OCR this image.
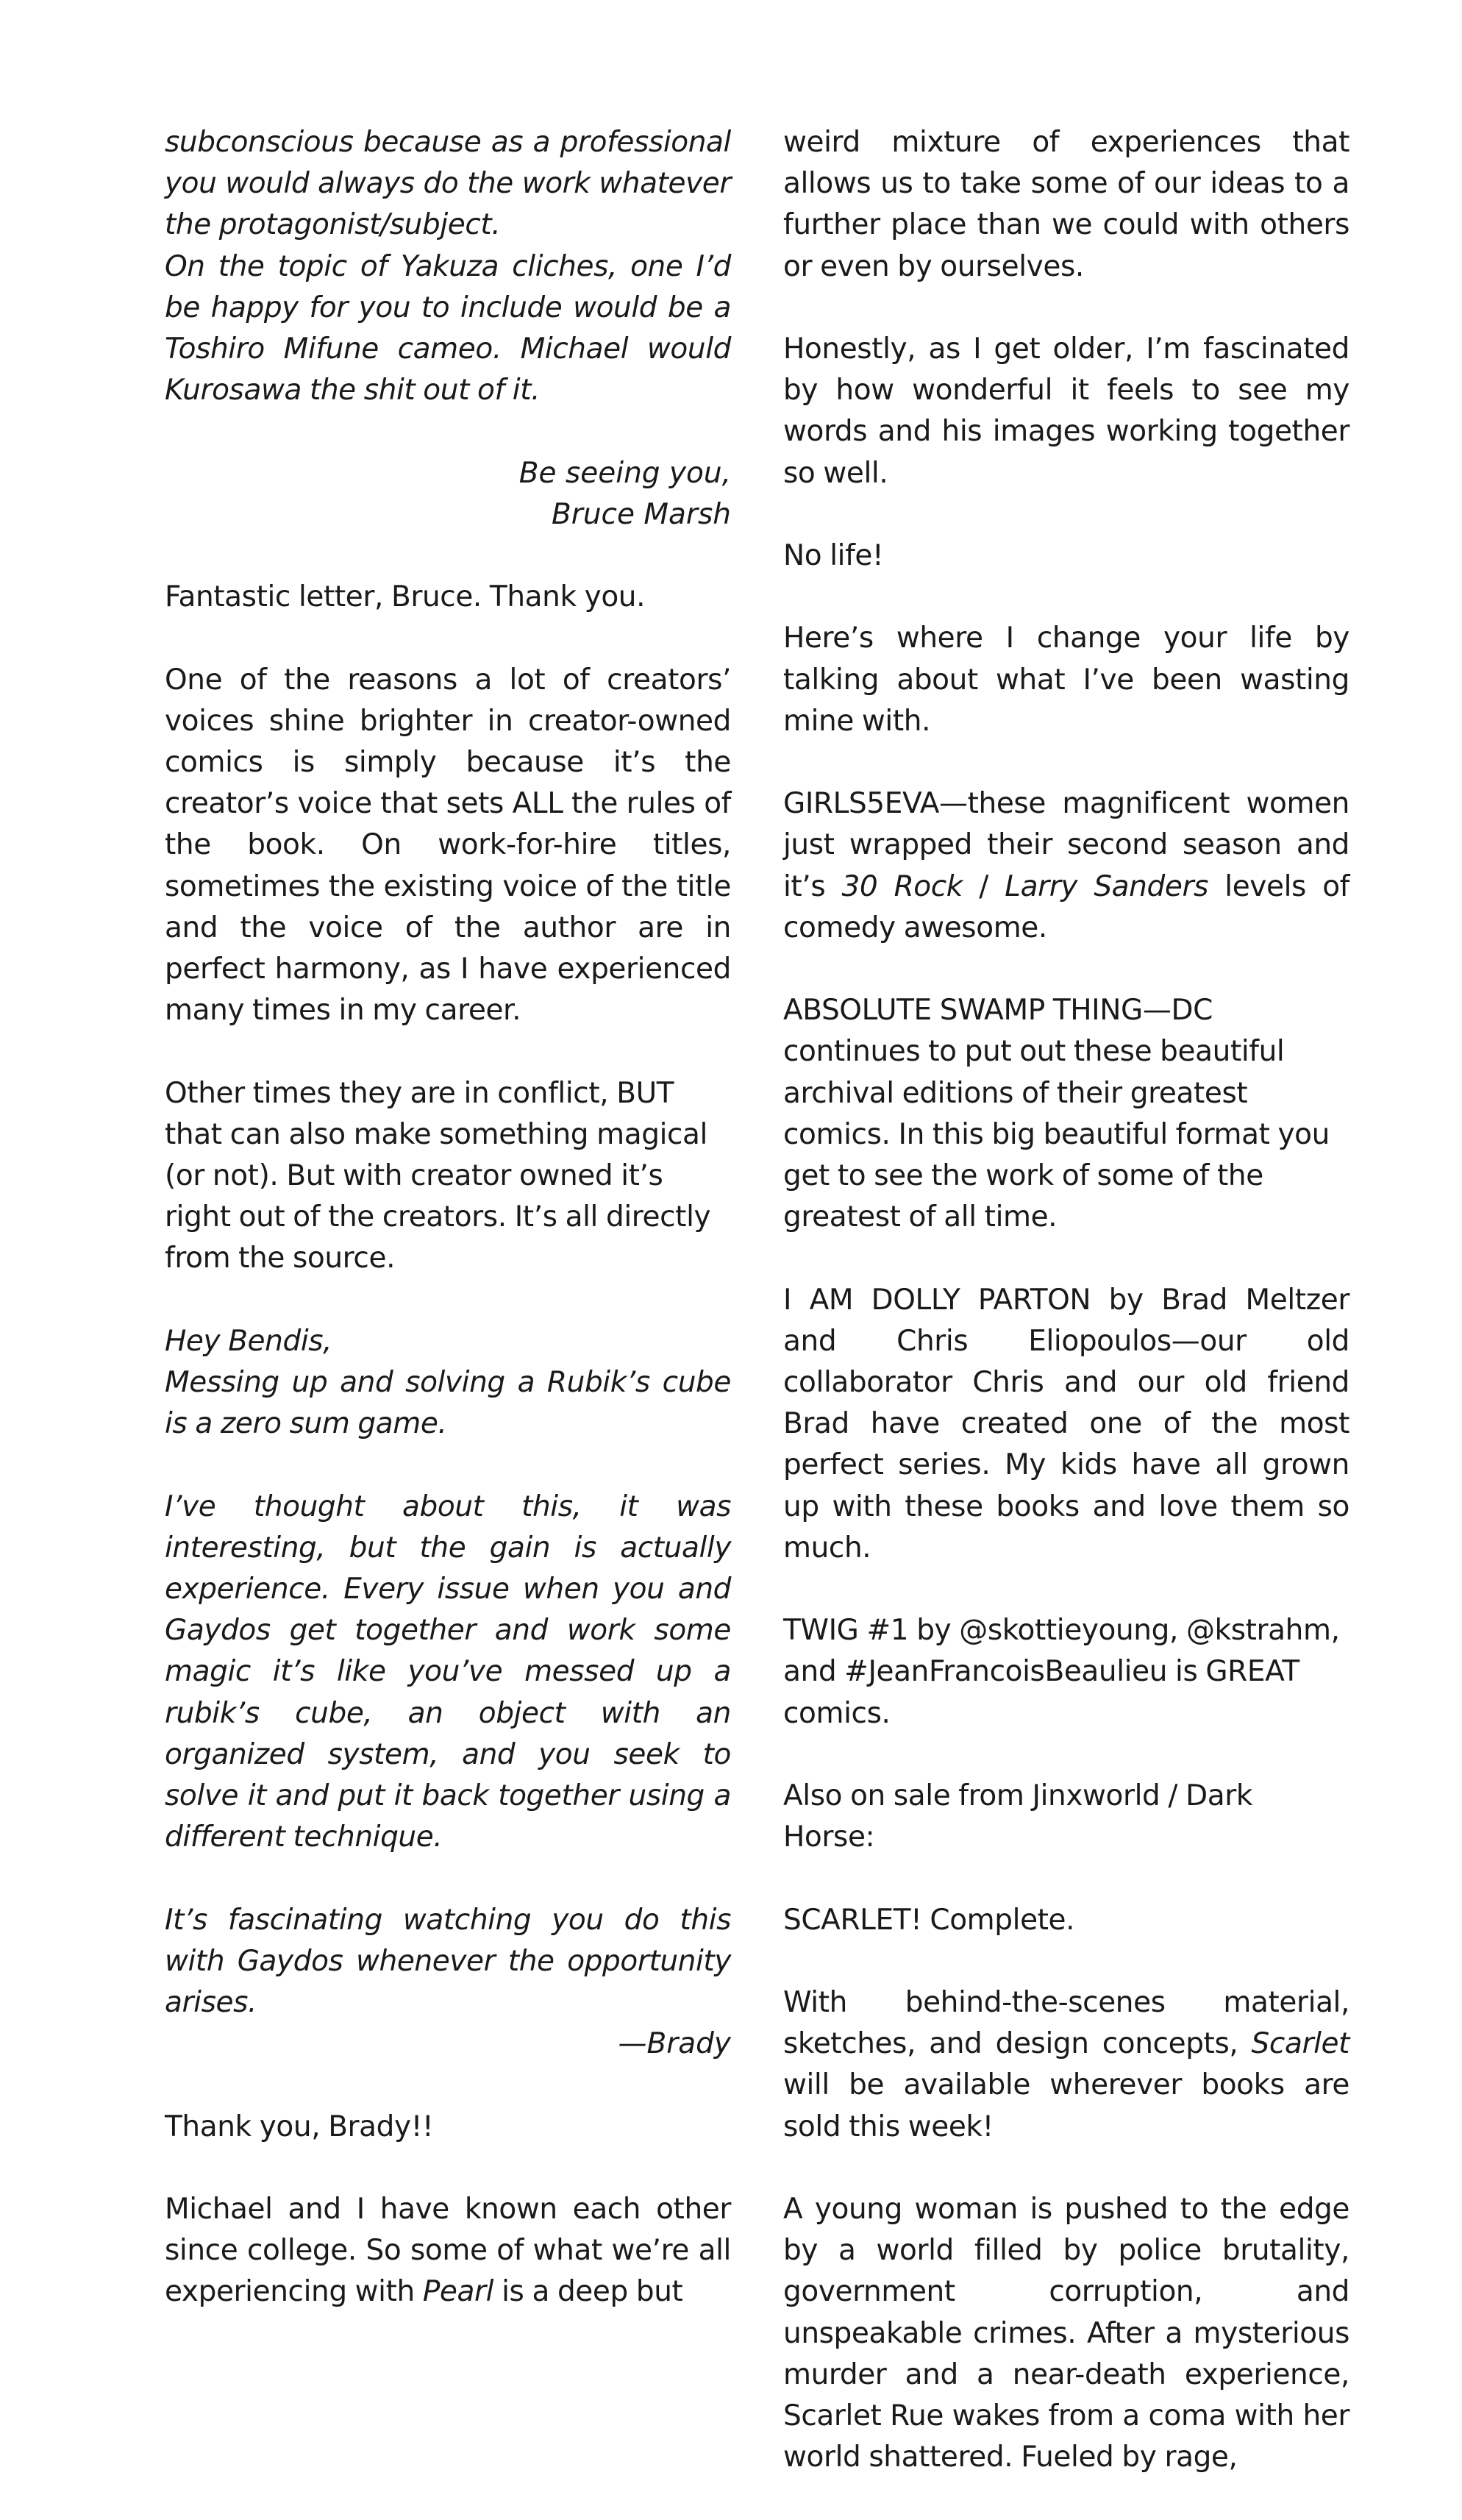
subconscious because as a professional you would always do the work whatever the protagonist/subject.

On the topic of Yakuza cliches, one I’d be happy for you to include would be a Toshiro Mifune cameo. Michael would Kurosawa the shit out of it.

Be seeing you,

Bruce Marsh

Fantastic letter, Bruce. Thank you.

One of the reasons a lot of creators’ voices shine brighter in creator-owned comics is simply because it’s the creator’s voice that sets ALL the rules of the book. On work-for-hire titles, sometimes the existing voice of the title and the voice of the author are in perfect harmony, as I have experienced many times in my career.

Other times they are in conflict, BUT that can also make something magical (or not). But with creator owned it’s right out of the creators. It’s all directly from the source.

Hey Bendis,

Messing up and solving a Rubik’s cube is a zero sum game.

I’ve thought about this, it was interesting, but the gain is actually experience. Every issue when you and Gaydos get together and work some magic it’s like you’ve messed up a rubik’s cube, an object with an organized system, and you seek to solve it and put it back together using a different technique.

It’s fascinating watching you do this with Gaydos whenever the opportunity arises.

—Brady

Thank you, Brady!!

Michael and I have known each other since college. So some of what we’re all experiencing with Pearl is a deep but

weird mixture of experiences that allows us to take some of our ideas to a further place than we could with others or even by ourselves.

Honestly, as I get older, I’m fascinated by how wonderful it feels to see my words and his images working together so well.

No life!

Here’s where I change your life by talking about what I’ve been wasting mine with.

GIRLS5EVA—these magnificent women just wrapped their second season and it’s 30 Rock / Larry Sanders levels of comedy awesome.

ABSOLUTE SWAMP THING—DC continues to put out these beautiful archival editions of their greatest comics. In this big beautiful format you get to see the work of some of the greatest of all time.

I AM DOLLY PARTON by Brad Meltzer and Chris Eliopoulos—our old collaborator Chris and our old friend Brad have created one of the most perfect series. My kids have all grown up with these books and love them so much.

TWIG #1 by @skottieyoung, @kstrahm, and #JeanFrancoisBeaulieu is GREAT comics.

Also on sale from Jinxworld / Dark Horse:

SCARLET! Complete.

With behind-the-scenes material, sketches, and design concepts, Scarlet will be available wherever books are sold this week!

A young woman is pushed to the edge by a world filled by police brutality, government corruption, and unspeakable crimes. After a mysterious murder and a near-death experience, Scarlet Rue wakes from a coma with her world shattered. Fueled by rage,
